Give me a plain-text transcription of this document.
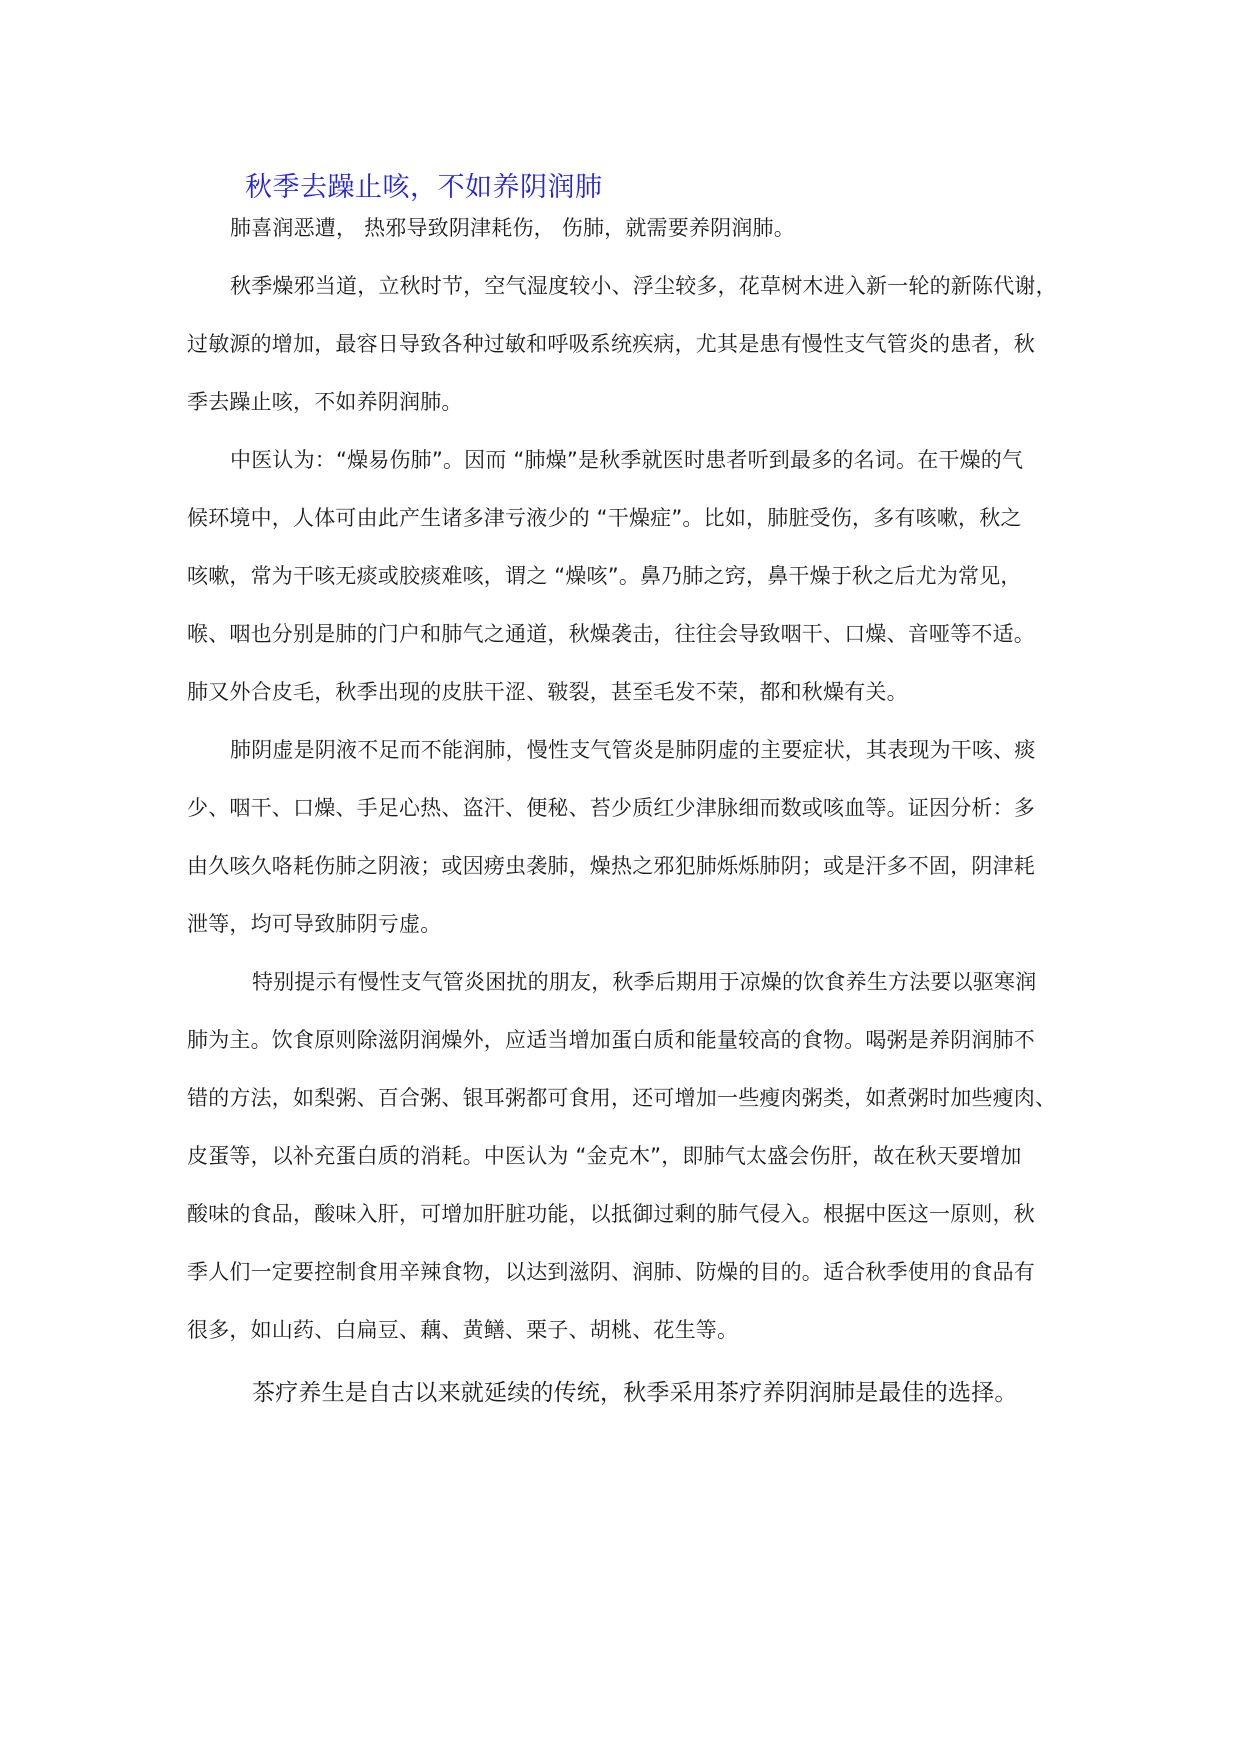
秋季去躁止咳，不如养阴润肺
肺喜润恶遭， 热邪导致阴津耗伤， 伤肺，就需要养阴润肺。
秋季燥邪当道，立秋时节，空气湿度较小、浮尘较多，花草树木进入新一轮的新陈代谢，
过敏源的增加，最容日导致各种过敏和呼吸系统疾病，尤其是患有慢性支气管炎的患者，秋
季去躁止咳，不如养阴润肺。
中医认为：“燥易伤肺”。因而 “肺燥”是秋季就医时患者听到最多的名词。在干燥的气
候环境中，人体可由此产生诸多津亏液少的 “干燥症”。比如，肺脏受伤，多有咳嗽，秋之
咳嗽，常为干咳无痰或胶痰难咳，谓之 “燥咳”。鼻乃肺之窍，鼻干燥于秋之后尤为常见，
喉、咽也分别是肺的门户和肺气之通道，秋燥袭击，往往会导致咽干、口燥、音哑等不适。
肺又外合皮毛，秋季出现的皮肤干涩、皲裂，甚至毛发不荣，都和秋燥有关。
肺阴虚是阴液不足而不能润肺，慢性支气管炎是肺阴虚的主要症状，其表现为干咳、痰
少、咽干、口燥、手足心热、盗汗、便秘、苔少质红少津脉细而数或咳血等。证因分析：多
由久咳久咯耗伤肺之阴液；或因痨虫袭肺，燥热之邪犯肺烁烁肺阴；或是汗多不固，阴津耗
泄等，均可导致肺阴亏虚。
特别提示有慢性支气管炎困扰的朋友，秋季后期用于凉燥的饮食养生方法要以驱寒润
肺为主。饮食原则除滋阴润燥外，应适当增加蛋白质和能量较高的食物。喝粥是养阴润肺不
错的方法，如梨粥、百合粥、银耳粥都可食用，还可增加一些瘦肉粥类，如煮粥时加些瘦肉、
皮蛋等，以补充蛋白质的消耗。中医认为 “金克木”，即肺气太盛会伤肝，故在秋天要增加
酸味的食品，酸味入肝，可增加肝脏功能，以抵御过剩的肺气侵入。根据中医这一原则，秋
季人们一定要控制食用辛辣食物，以达到滋阴、润肺、防燥的目的。适合秋季使用的食品有
很多，如山药、白扁豆、藕、黄鳝、栗子、胡桃、花生等。
茶疗养生是自古以来就延续的传统，秋季采用茶疗养阴润肺是最佳的选择。
